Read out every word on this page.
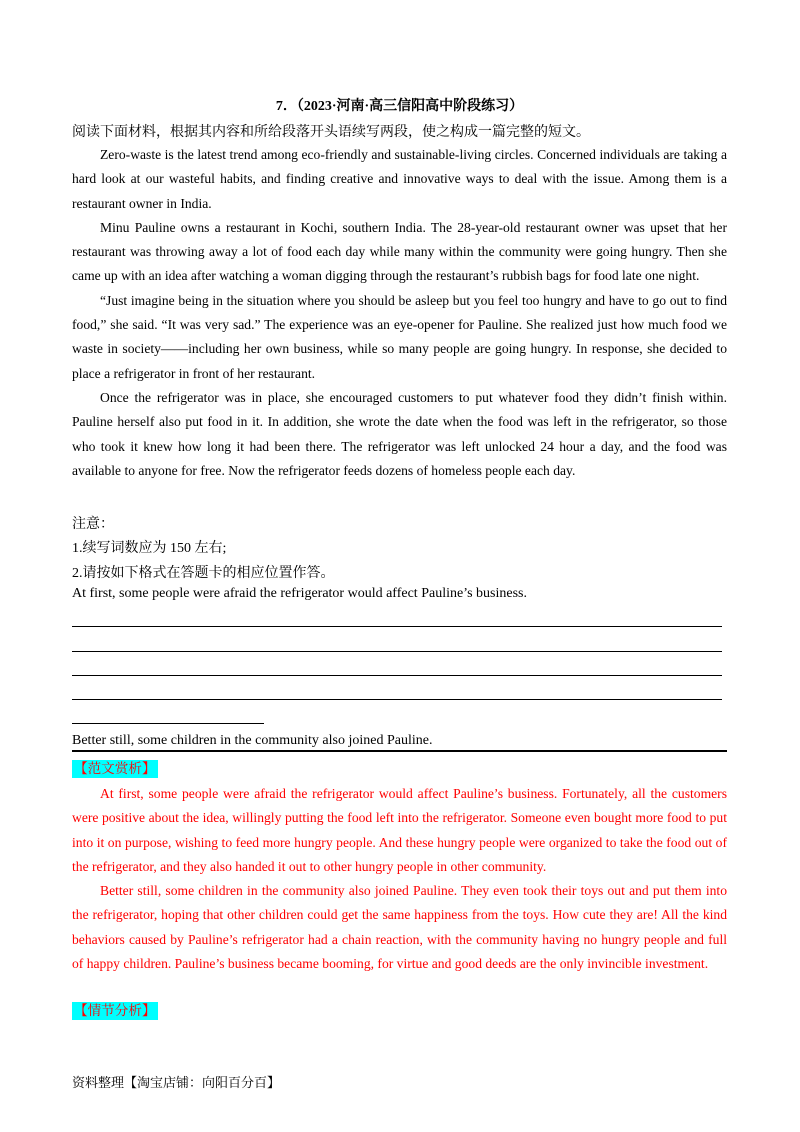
7．（2023·河南·高三信阳高中阶段练习）
阅读下面材料，根据其内容和所给段落开头语续写两段，使之构成一篇完整的短文。

Zero-waste is the latest trend among eco-friendly and sustainable-living circles. Concerned individuals are taking a hard look at our wasteful habits, and finding creative and innovative ways to deal with the issue. Among them is a restaurant owner in India.

Minu Pauline owns a restaurant in Kochi, southern India. The 28-year-old restaurant owner was upset that her restaurant was throwing away a lot of food each day while many within the community were going hungry. Then she came up with an idea after watching a woman digging through the restaurant’s rubbish bags for food late one night.

“Just imagine being in the situation where you should be asleep but you feel too hungry and have to go out to find food,” she said. “It was very sad.” The experience was an eye-opener for Pauline. She realized just how much food we waste in society——including her own business, while so many people are going hungry. In response, she decided to place a refrigerator in front of her restaurant.

Once the refrigerator was in place, she encouraged customers to put whatever food they didn’t finish within. Pauline herself also put food in it. In addition, she wrote the date when the food was left in the refrigerator, so those who took it knew how long it had been there. The refrigerator was left unlocked 24 hour a day, and the food was available to anyone for free. Now the refrigerator feeds dozens of homeless people each day.

注意：
1.续写词数应为 150 左右;
2.请按如下格式在答题卡的相应位置作答。
At first, some people were afraid the refrigerator would affect Pauline’s business.
Better still, some children in the community also joined Pauline.
【范文赏析】

At first, some people were afraid the refrigerator would affect Pauline’s business. Fortunately, all the customers were positive about the idea, willingly putting the food left into the refrigerator. Someone even bought more food to put into it on purpose, wishing to feed more hungry people. And these hungry people were organized to take the food out of the refrigerator, and they also handed it out to other hungry people in other community.

Better still, some children in the community also joined Pauline. They even took their toys out and put them into the refrigerator, hoping that other children could get the same happiness from the toys. How cute they are! All the kind behaviors caused by Pauline’s refrigerator had a chain reaction, with the community having no hungry people and full of happy children. Pauline’s business became booming, for virtue and good deeds are the only invincible investment.

【情节分析】
资料整理【淘宝店铺：向阳百分百】
